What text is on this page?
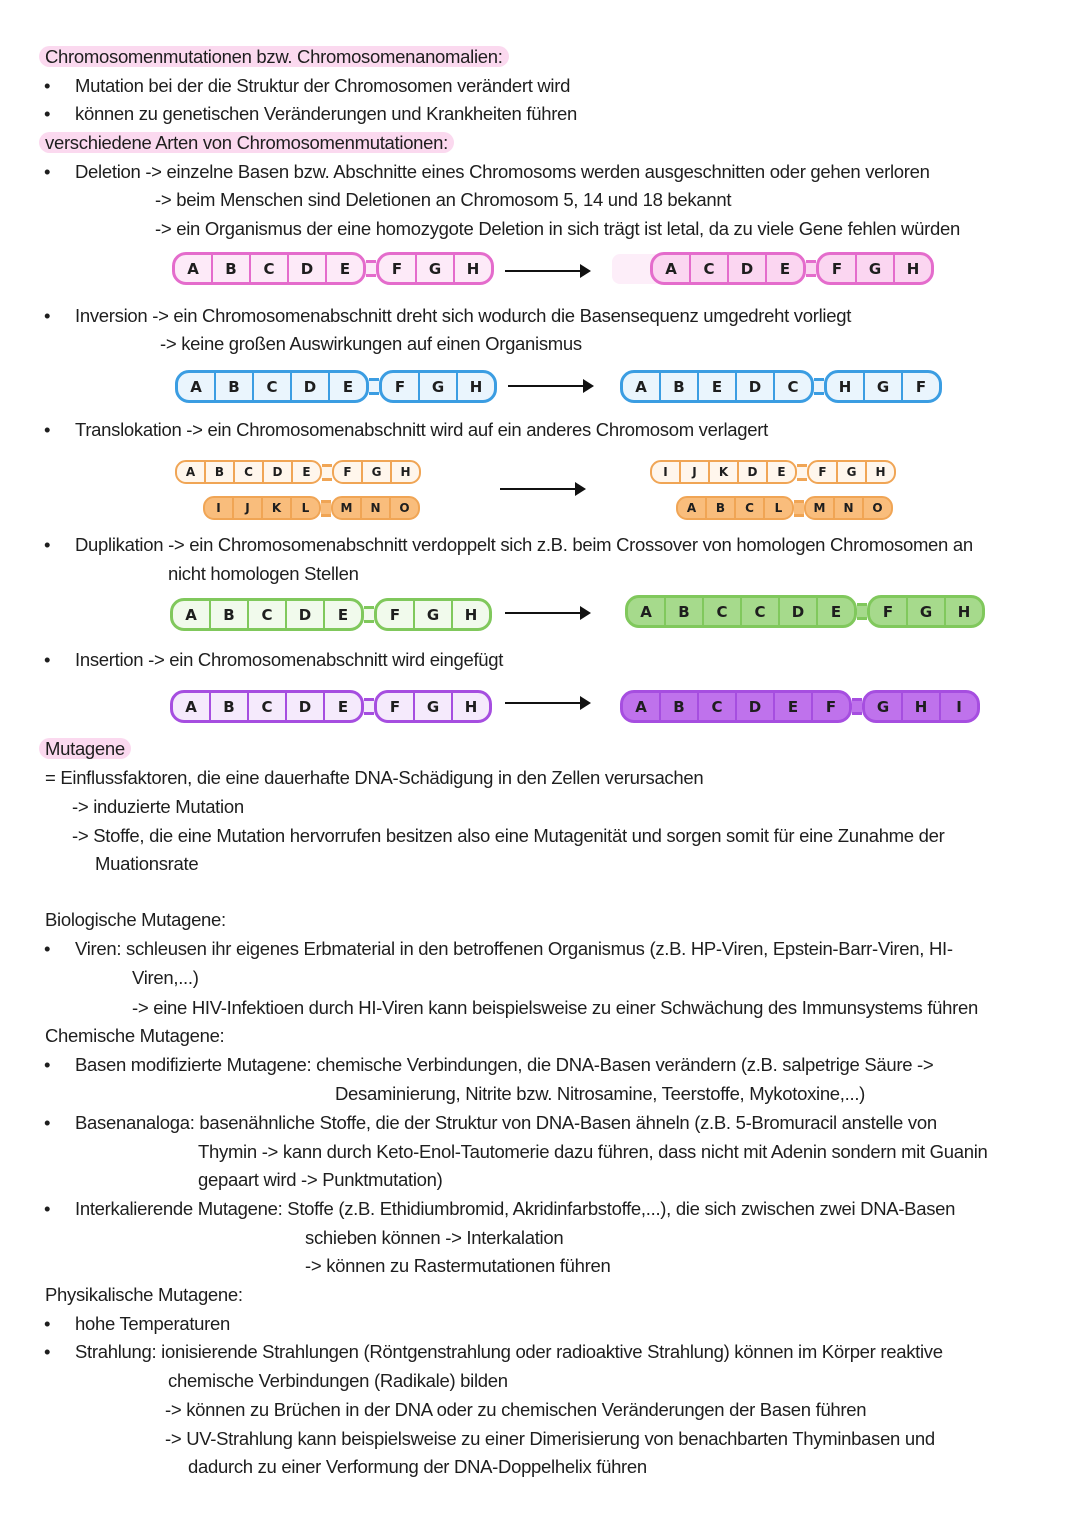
Chromosomenmutationen bzw. Chromosomenanomalien:
• Mutation bei der die Struktur der Chromosomen verändert wird
• können zu genetischen Veränderungen und Krankheiten führen
verschiedene Arten von Chromosomenmutationen:
• Deletion -> einzelne Basen bzw. Abschnitte eines Chromosoms werden ausgeschnitten oder gehen verloren
-> beim Menschen sind Deletionen an Chromosom 5, 14 und 18 bekannt
-> ein Organismus der eine homozygote Deletion in sich trägt ist letal, da zu viele Gene fehlen würden
A	B	C	D	E	F	G	H	A	C	D	E	F	G	H
• Inversion -> ein Chromosomenabschnitt dreht sich wodurch die Basensequenz umgedreht vorliegt
-> keine großen Auswirkungen auf einen Organismus
A	B	C	D	E	F	G	H	A	B	E	D	C	H	G	F
• Translokation -> ein Chromosomenabschnitt wird auf ein anderes Chromosom verlagert
A	B	C	D	E	F	G	H
I	J	K	L	M	N	O
I	J	K	D	E	F	G	H
A	B	C	L	M	N	O
• Duplikation -> ein Chromosomenabschnitt verdoppelt sich z.B. beim Crossover von homologen Chromosomen an
nicht homologen Stellen
A	B	C	D	E	F	G	H	A	B	C	C	D	E	F	G	H
• Insertion -> ein Chromosomenabschnitt wird eingefügt
A	B	C	D	E	F	G	H	A	B	C	D	E	F	G	H	I
Mutagene
= Einflussfaktoren, die eine dauerhafte DNA-Schädigung in den Zellen verursachen
-> induzierte Mutation
-> Stoffe, die eine Mutation hervorrufen besitzen also eine Mutagenität und sorgen somit für eine Zunahme der
Muationsrate
Biologische Mutagene:
• Viren: schleusen ihr eigenes Erbmaterial in den betroffenen Organismus (z.B. HP-Viren, Epstein-Barr-Viren, HI-
Viren,...)
-> eine HIV-Infektioen durch HI-Viren kann beispielsweise zu einer Schwächung des Immunsystems führen
Chemische Mutagene:
• Basen modifizierte Mutagene: chemische Verbindungen, die DNA-Basen verändern (z.B. salpetrige Säure ->
Desaminierung, Nitrite bzw. Nitrosamine, Teerstoffe, Mykotoxine,...)
• Basenanaloga: basenähnliche Stoffe, die der Struktur von DNA-Basen ähneln (z.B. 5-Bromuracil anstelle von
Thymin -> kann durch Keto-Enol-Tautomerie dazu führen, dass nicht mit Adenin sondern mit Guanin
gepaart wird -> Punktmutation)
• Interkalierende Mutagene: Stoffe (z.B. Ethidiumbromid, Akridinfarbstoffe,...), die sich zwischen zwei DNA-Basen
schieben können -> Interkalation
-> können zu Rastermutationen führen
Physikalische Mutagene:
• hohe Temperaturen
• Strahlung: ionisierende Strahlungen (Röntgenstrahlung oder radioaktive Strahlung) können im Körper reaktive
chemische Verbindungen (Radikale) bilden
-> können zu Brüchen in der DNA oder zu chemischen Veränderungen der Basen führen
-> UV-Strahlung kann beispielsweise zu einer Dimerisierung von benachbarten Thyminbasen und
dadurch zu einer Verformung der DNA-Doppelhelix führen
